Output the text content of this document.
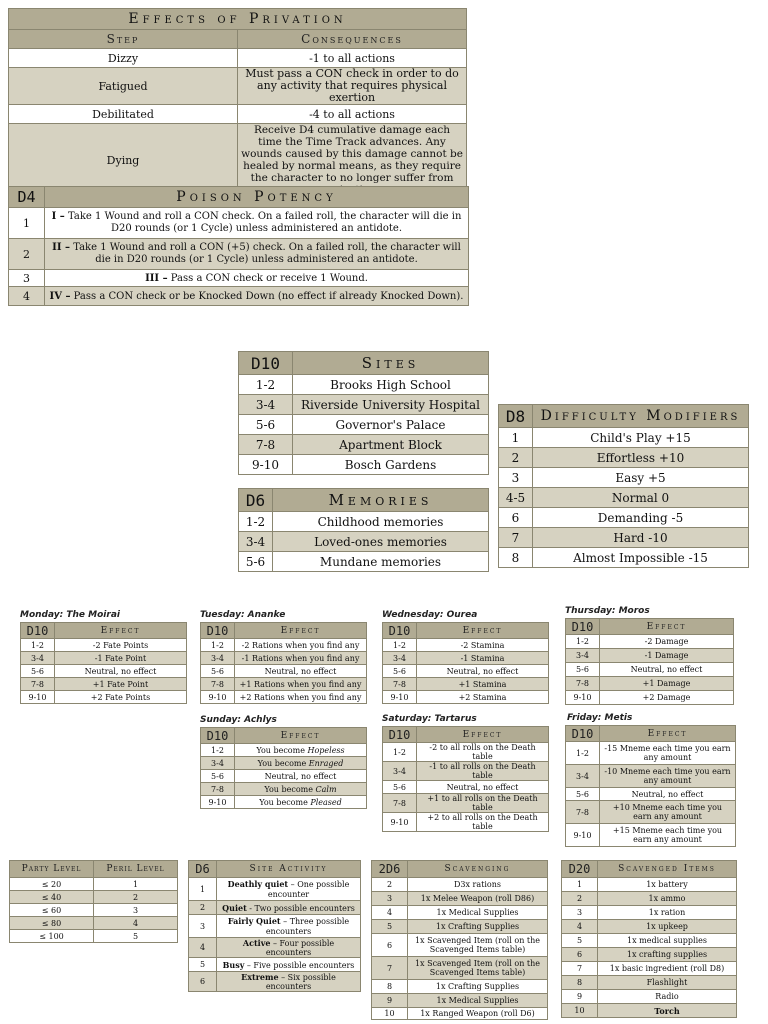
Effects of Privation	
Step	Consequences
Dizzy	-1 to all actions
Fatigued	Must pass a CON check in order to do any activity that requires physical exertion
Debilitated	-4 to all actions
Dying	Receive D4 cumulative damage each time the Time Track advances. Any wounds caused by this damage cannot be healed by normal means, as they require the character to no longer suffer from
D4	Poison Potency
1	I – Take 1 Wound and roll a CON check. On a failed roll, the character will die in D20 rounds (or 1 Cycle) unless administered an antidote.
2	II – Take 1 Wound and roll a CON (+5) check. On a failed roll, the character will die in D20 rounds (or 1 Cycle) unless administered an antidote.
3	III – Pass a CON check or receive 1 Wound.
4	IV – Pass a CON check or be Knocked Down (no effect if already Knocked Down).
D10	Sites
1-2	Brooks High School
3-4	Riverside University Hospital
5-6	Governor's Palace
7-8	Apartment Block
9-10	Bosch Gardens
D6	Memories
1-2	Childhood memories
3-4	Loved-ones memories
5-6	Mundane memories
D8	Difficulty Modifiers
1	Child's Play +15
2	Effortless +10
3	Easy +5
4-5	Normal 0
6	Demanding -5
7	Hard -10
8	Almost Impossible -15
Monday: The Moirai
D10	Effect
1-2	-2 Fate Points
3-4	-1 Fate Point
5-6	Neutral, no effect
7-8	+1 Fate Point
9-10	+2 Fate Points
Tuesday: Ananke
D10	Effect
1-2	-2 Rations when you find any
3-4	-1 Rations when you find any
5-6	Neutral, no effect
7-8	+1 Rations when you find any
9-10	+2 Rations when you find any
Wednesday: Ourea
D10	Effect
1-2	-2 Stamina
3-4	-1 Stamina
5-6	Neutral, no effect
7-8	+1 Stamina
9-10	+2 Stamina
Thursday: Moros
D10	Effect
1-2	-2 Damage
3-4	-1 Damage
5-6	Neutral, no effect
7-8	+1 Damage
9-10	+2 Damage
Sunday: Achlys
D10	Effect
1-2	You become Hopeless
3-4	You become Enraged
5-6	Neutral, no effect
7-8	You become Calm
9-10	You become Pleased
Saturday: Tartarus
D10	Effect
1-2	-2 to all rolls on the Death table
3-4	-1 to all rolls on the Death table
5-6	Neutral, no effect
7-8	+1 to all rolls on the Death table
9-10	+2 to all rolls on the Death table
Friday: Metis
D10	Effect
1-2	-15 Mneme each time you earn any amount
3-4	-10 Mneme each time you earn any amount
5-6	Neutral, no effect
7-8	+10 Mneme each time you earn any amount
9-10	+15 Mneme each time you earn any amount
Party Level	Peril Level
≤ 20	1
≤ 40	2
≤ 60	3
≤ 80	4
≤ 100	5
D6	Site Activity
1	Deathly quiet – One possible encounter
2	Quiet - Two possible encounters
3	Fairly Quiet – Three possible encounters
4	Active – Four possible encounters
5	Busy – Five possible encounters
6	Extreme – Six possible encounters
2D6	Scavenging
2	D3x rations
3	1x Melee Weapon (roll D86)
4	1x Medical Supplies
5	1x Crafting Supplies
6	1x Scavenged Item (roll on the Scavenged Items table)
7	1x Scavenged Item (roll on the Scavenged Items table)
8	1x Crafting Supplies
9	1x Medical Supplies
10	1x Ranged Weapon (roll D6)
D20	Scavenged Items
1	1x battery
2	1x ammo
3	1x ration
4	1x upkeep
5	1x medical supplies
6	1x crafting supplies
7	1x basic ingredient (roll D8)
8	Flashlight
9	Radio
10	Torch
